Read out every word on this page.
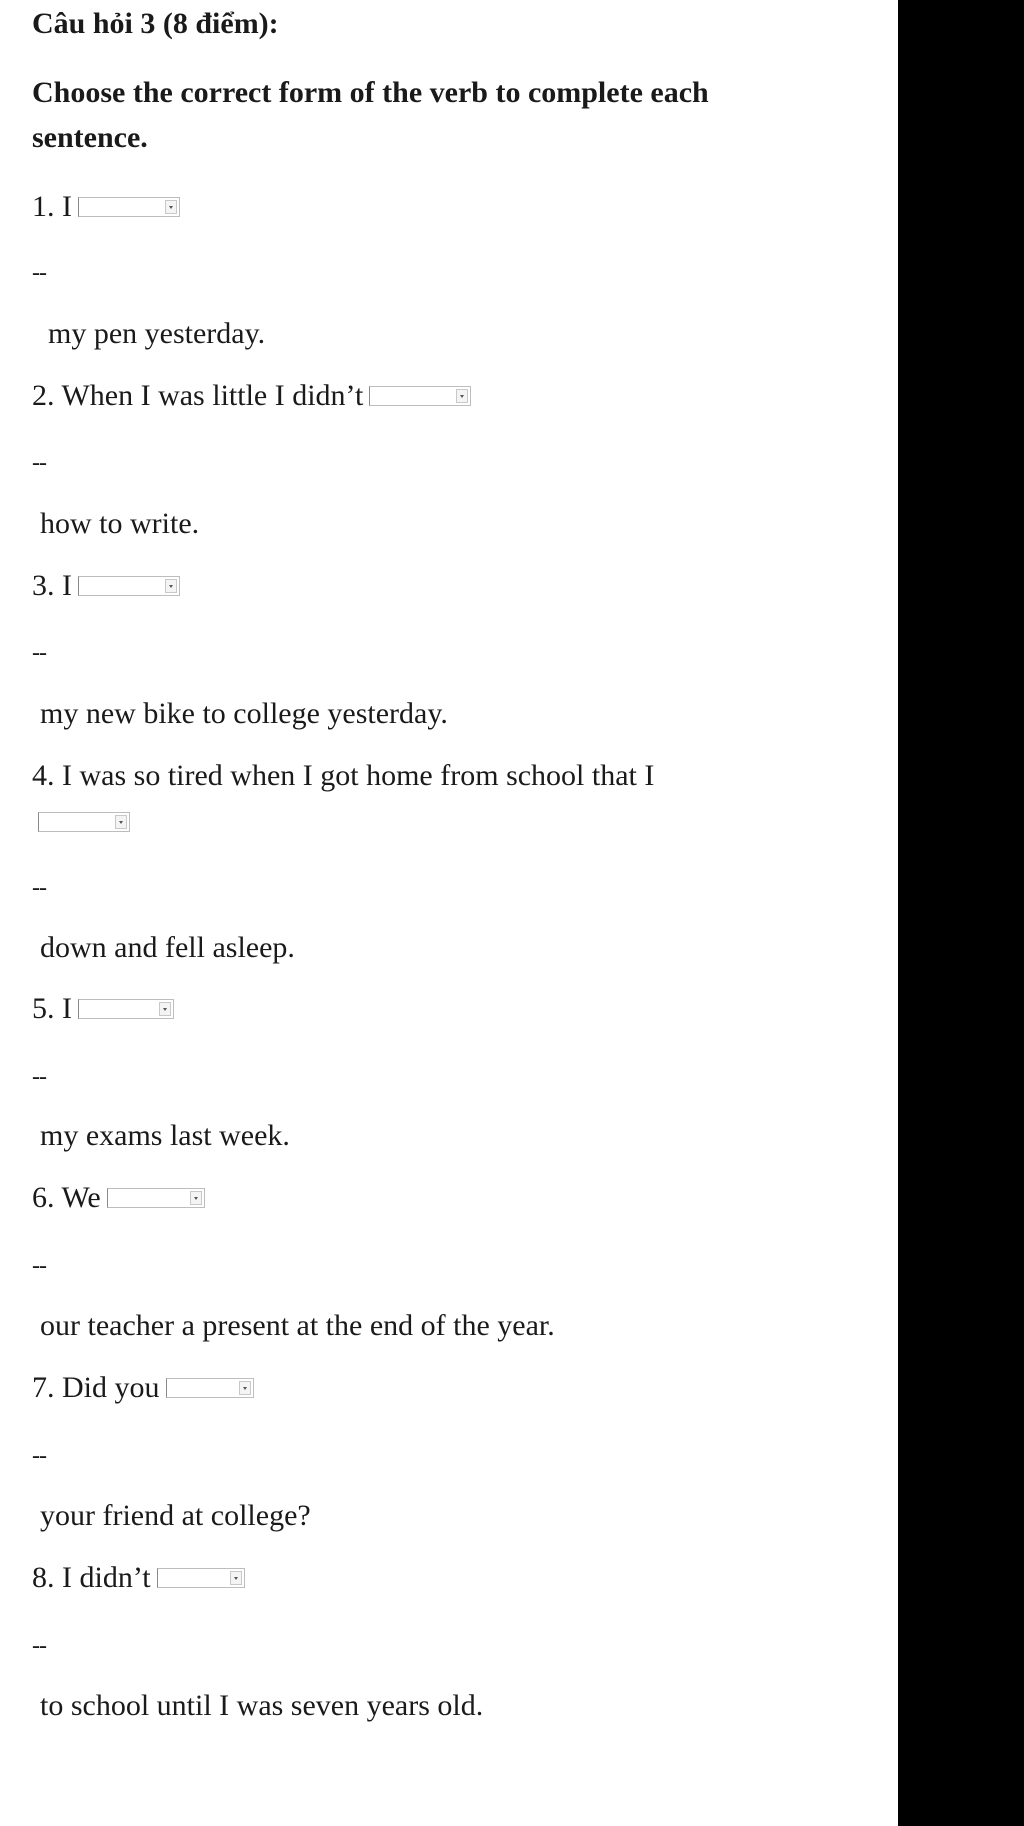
Câu hỏi 3 (8 điểm):

Choose the correct form of the verb to complete each sentence.

1. I
--
my pen yesterday.
2. When I was little I didn’t
--
how to write.
3. I
--
my new bike to college yesterday.
4. I was so tired when I got home from school that I
--
down and fell asleep.
5. I
--
my exams last week.
6. We
--
our teacher a present at the end of the year.
7. Did you
--
your friend at college?
8. I didn’t
--
to school until I was seven years old.
